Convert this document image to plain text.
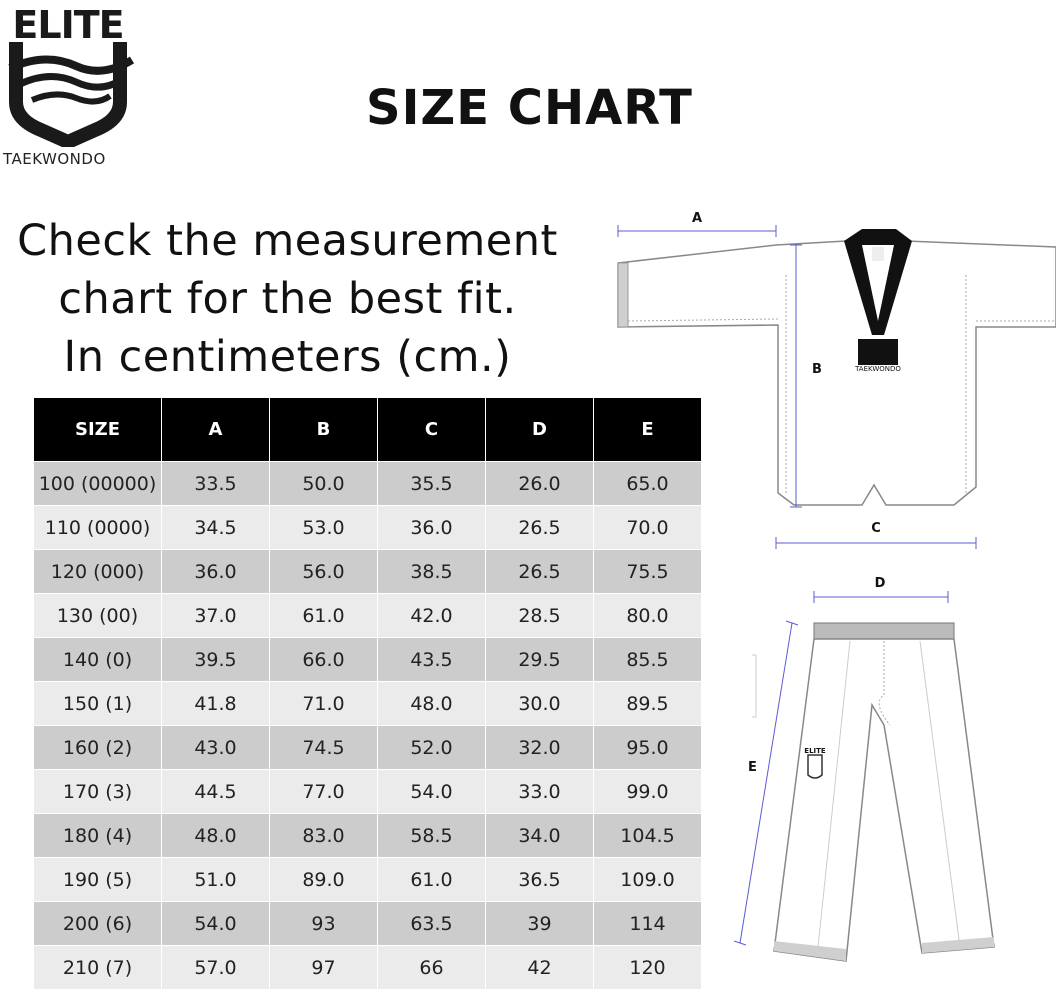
ELITE
TAEKWONDO
SIZE CHART
Check the measurement
chart for the best fit.
In centimeters (cm.)
SIZE	A	B	C	D	E
100 (00000)	33.5	50.0	35.5	26.0	65.0
110 (0000)	34.5	53.0	36.0	26.5	70.0
120 (000)	36.0	56.0	38.5	26.5	75.5
130 (00)	37.0	61.0	42.0	28.5	80.0
140 (0)	39.5	66.0	43.5	29.5	85.5
150 (1)	41.8	71.0	48.0	30.0	89.5
160 (2)	43.0	74.5	52.0	32.0	95.0
170 (3)	44.5	77.0	54.0	33.0	99.0
180 (4)	48.0	83.0	58.5	34.0	104.5
190 (5)	51.0	89.0	61.0	36.5	109.0
200 (6)	54.0	93	63.5	39	114
210 (7)	57.0	97	66	42	120
TAEKWONDO
A
B
C
ELITE
D
E
